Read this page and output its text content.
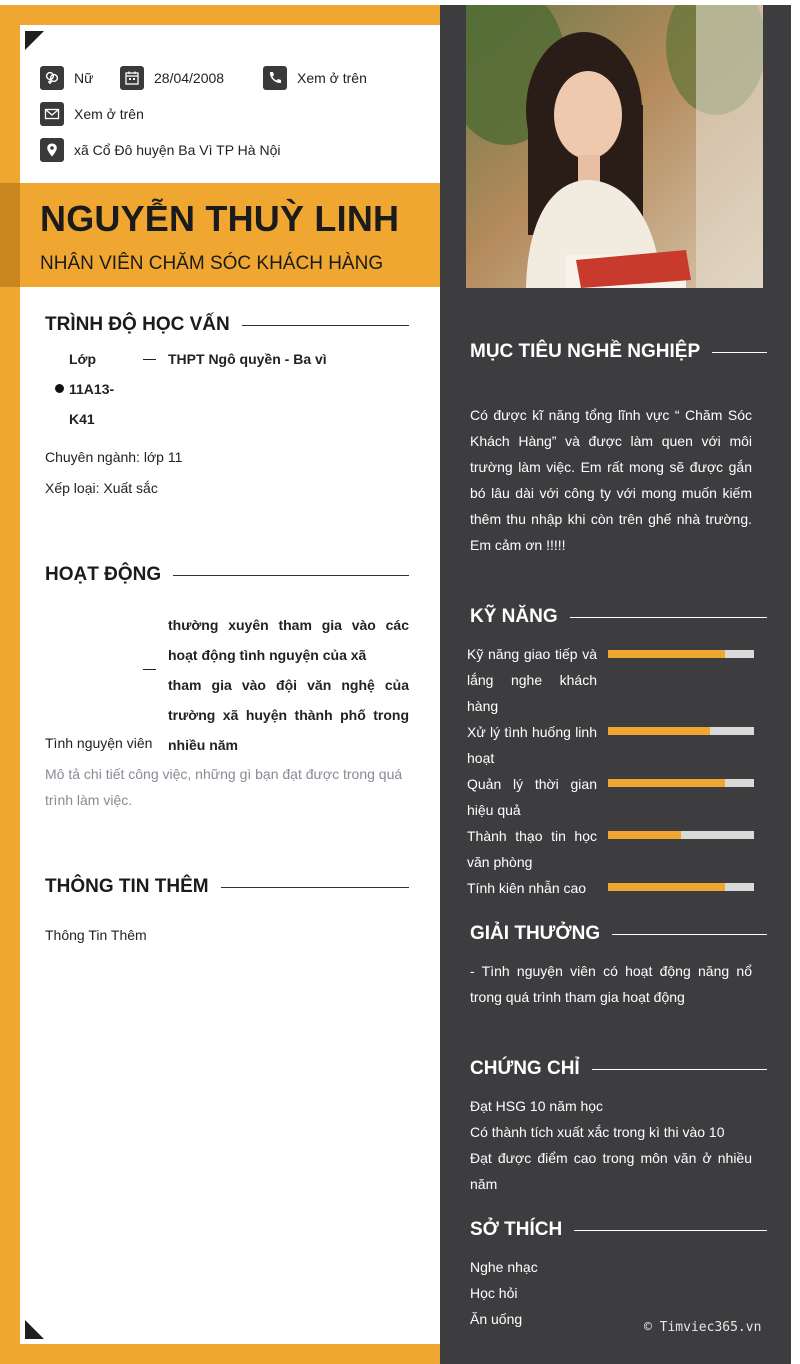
Nữ	28/04/2008	Xem ở trên
Xem ở trên
xã Cổ Đô huyện Ba Vì TP Hà Nội
NGUYỄN THUỲ LINH
NHÂN VIÊN CHĂM SÓC KHÁCH HÀNG
TRÌNH ĐỘ HỌC VẤN
Lớp
11A13-
K41
THPT Ngô quyền - Ba vì
Chuyên ngành: lớp 11
Xếp loại: Xuất sắc
HOẠT ĐỘNG
thường xuyên tham gia vào các hoạt động tình nguyện của xã
tham gia vào đội văn nghệ của trường xã huyện thành phố trong nhiều năm
Tình nguyện viên
Mô tả chi tiết công việc, những gì bạn đạt được trong quá trình làm việc.
THÔNG TIN THÊM
Thông Tin Thêm
MỤC TIÊU NGHỀ NGHIỆP
Có được kĩ năng tổng lĩnh vực “ Chăm Sóc Khách Hàng” và được làm quen với môi trường làm việc. Em rất mong sẽ được gắn bó lâu dài với công ty với mong muốn kiếm thêm thu nhập khi còn trên ghế nhà trường. Em cảm ơn !!!!!
KỸ NĂNG
Kỹ năng giao tiếp và lắng nghe khách hàng
Xử lý tình huống linh hoạt
Quản lý thời gian hiệu quả
Thành thạo tin học văn phòng
Tính kiên nhẫn cao
GIẢI THƯỞNG
- Tình nguyện viên có hoạt động năng nổ trong quá trình tham gia hoạt động
CHỨNG CHỈ
Đạt HSG 10 năm học
Có thành tích xuất xắc trong kì thi vào 10
Đạt được điểm cao trong môn văn ở nhiều năm
SỞ THÍCH
Nghe nhạc
Học hỏi
Ăn uống
© Timviec365.vn
